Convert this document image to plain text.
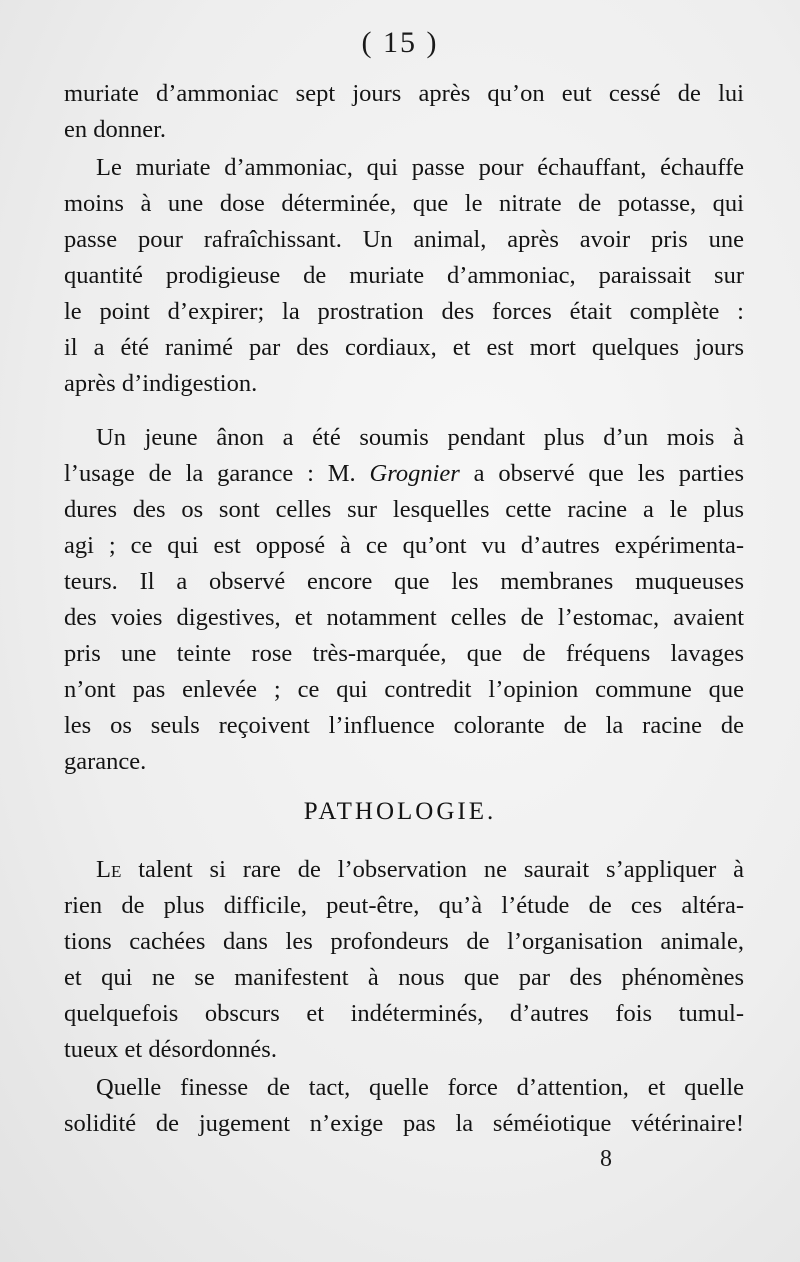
( 15 )
muriate d’ammoniac sept jours après qu’on eut cessé de lui
en donner.
Le muriate d’ammoniac, qui passe pour échauffant, échauffe
moins à une dose déterminée, que le nitrate de potasse, qui
passe pour rafraîchissant. Un animal, après avoir pris une
quantité prodigieuse de muriate d’ammoniac, paraissait sur
le point d’expirer; la prostration des forces était complète :
il a été ranimé par des cordiaux, et est mort quelques jours
après d’indigestion.
Un jeune ânon a été soumis pendant plus d’un mois à
l’usage de la garance : M. Grognier a observé que les parties
dures des os sont celles sur lesquelles cette racine a le plus
agi ; ce qui est opposé à ce qu’ont vu d’autres expérimenta-
teurs. Il a observé encore que les membranes muqueuses
des voies digestives, et notamment celles de l’estomac, avaient
pris une teinte rose très-marquée, que de fréquens lavages
n’ont pas enlevée ; ce qui contredit l’opinion commune que
les os seuls reçoivent l’influence colorante de la racine de
garance.
PATHOLOGIE.
Le talent si rare de l’observation ne saurait s’appliquer à
rien de plus difficile, peut-être, qu’à l’étude de ces altéra-
tions cachées dans les profondeurs de l’organisation animale,
et qui ne se manifestent à nous que par des phénomènes
quelquefois obscurs et indéterminés, d’autres fois tumul-
tueux et désordonnés.
Quelle finesse de tact, quelle force d’attention, et quelle
solidité de jugement n’exige pas la séméiotique vétérinaire!
8
